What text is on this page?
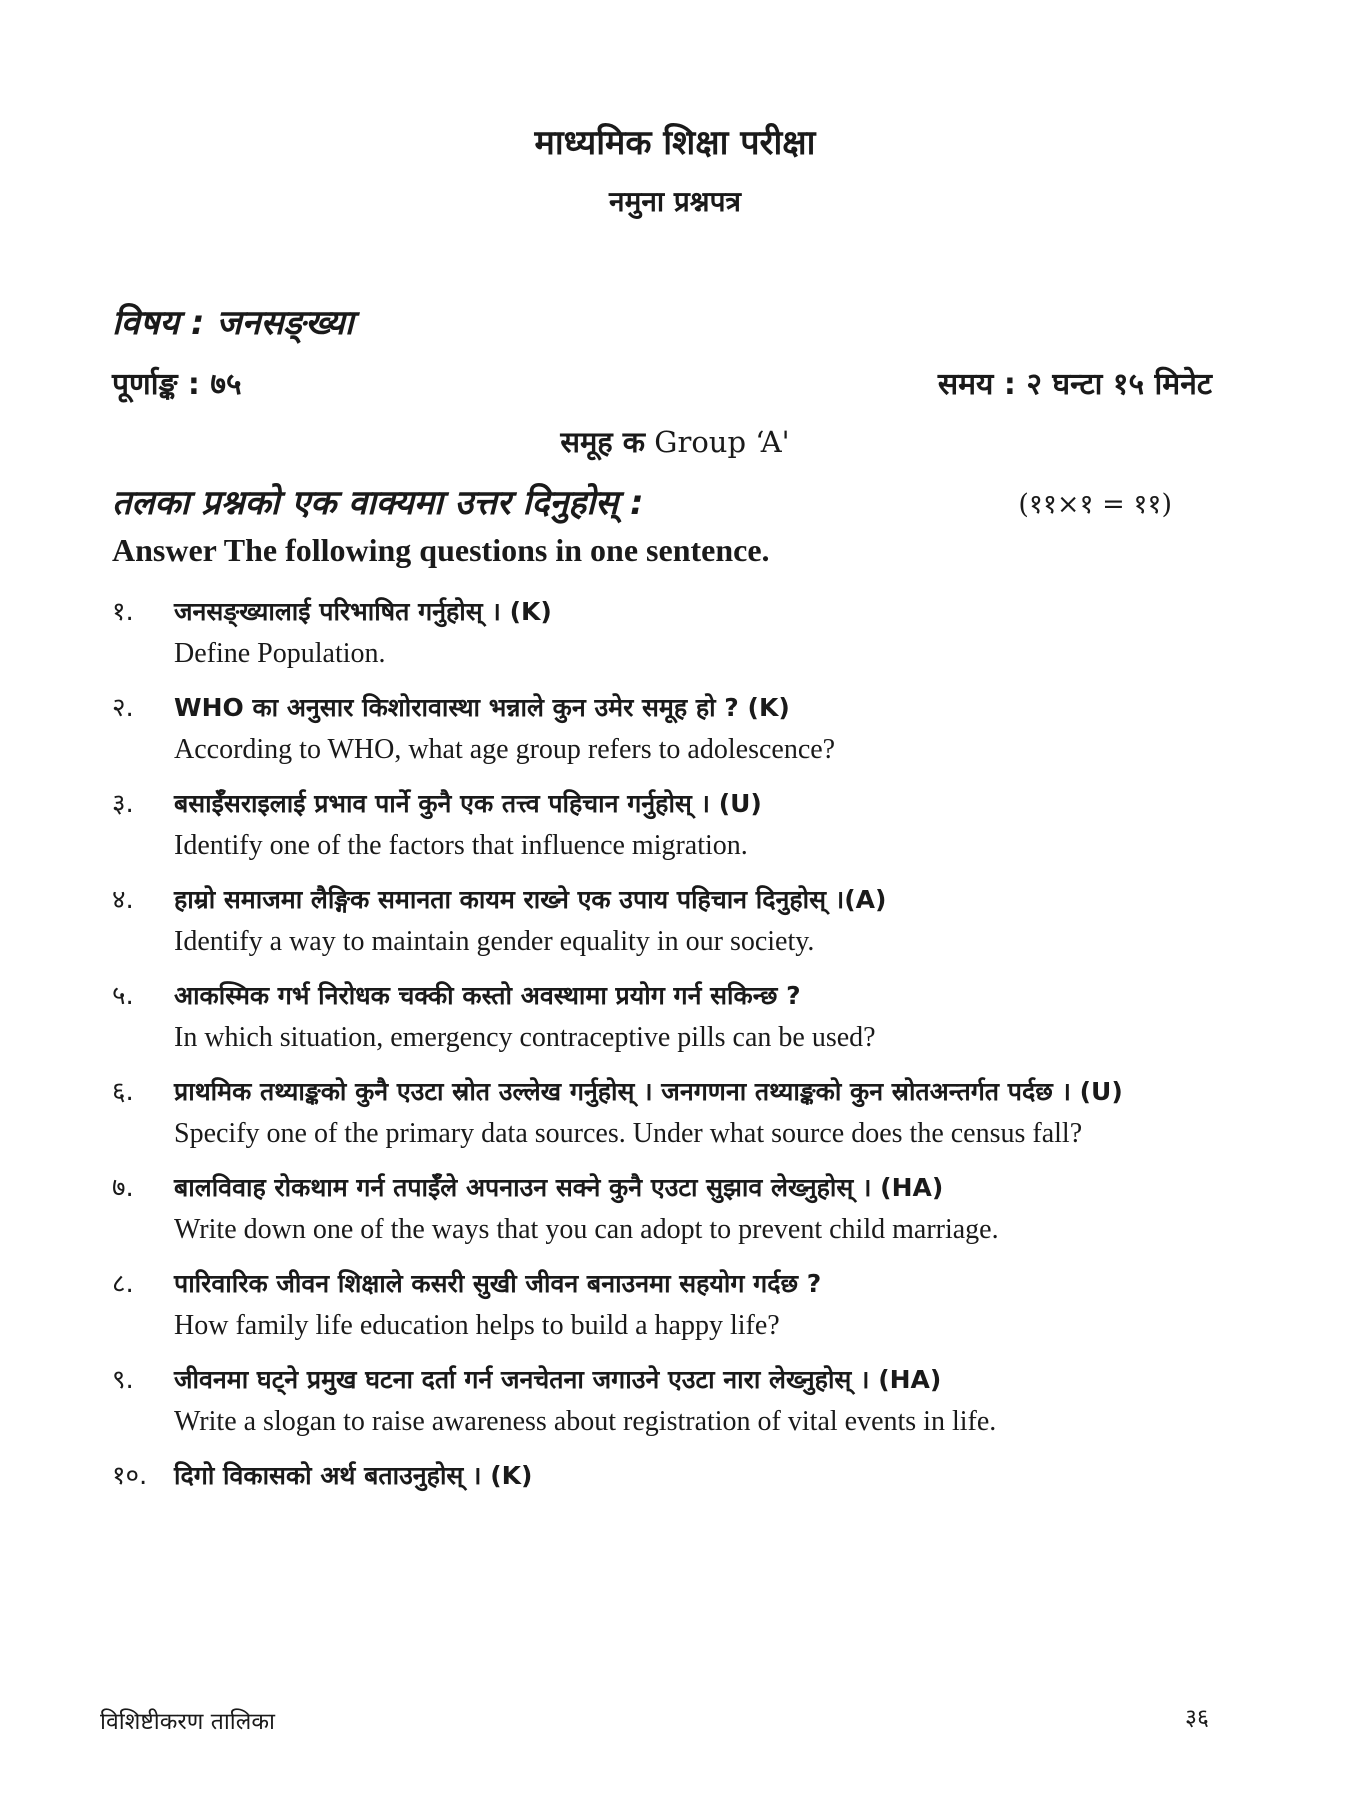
माध्यमिक शिक्षा परीक्षा
नमुना प्रश्नपत्र
विषय : जनसङ्ख्या
पूर्णाङ्क : ७५	समय : २ घन्टा १५ मिनेट
समूह क Group ‘A'
तलका प्रश्नको एक वाक्यमा उत्तर दिनुहोस् :	(११×१ = ११)
Answer The following questions in one sentence.
१. जनसङ्ख्यालाई परिभाषित गर्नुहोस् । (K)
Define Population.
२. WHO का अनुसार किशोरावास्था भन्नाले कुन उमेर समूह हो ? (K)
According to WHO, what age group refers to adolescence?
३. बसाईँसराइलाई प्रभाव पार्ने कुनै एक तत्त्व पहिचान गर्नुहोस् । (U)
Identify one of the factors that influence migration.
४. हाम्रो समाजमा लैङ्गिक समानता कायम राख्ने एक उपाय पहिचान दिनुहोस् ।(A)
Identify a way to maintain gender equality in our society.
५. आकस्मिक गर्भ निरोधक चक्की कस्तो अवस्थामा प्रयोग गर्न सकिन्छ ?
In which situation, emergency contraceptive pills can be used?
६. प्राथमिक तथ्याङ्कको कुनै एउटा स्रोत उल्लेख गर्नुहोस् । जनगणना तथ्याङ्कको कुन स्रोतअन्तर्गत पर्दछ । (U)
Specify one of the primary data sources. Under what source does the census fall?
७. बालविवाह रोकथाम गर्न तपाईँले अपनाउन सक्ने कुनै एउटा सुझाव लेख्नुहोस् । (HA)
Write down one of the ways that you can adopt to prevent child marriage.
८. पारिवारिक जीवन शिक्षाले कसरी सुखी जीवन बनाउनमा सहयोग गर्दछ ?
How family life education helps to build a happy life?
९. जीवनमा घट्ने प्रमुख घटना दर्ता गर्न जनचेतना जगाउने एउटा नारा लेख्नुहोस् । (HA)
Write a slogan to raise awareness about registration of vital events in life.
१०. दिगो विकासको अर्थ बताउनुहोस् । (K)
विशिष्टीकरण तालिका	३६
